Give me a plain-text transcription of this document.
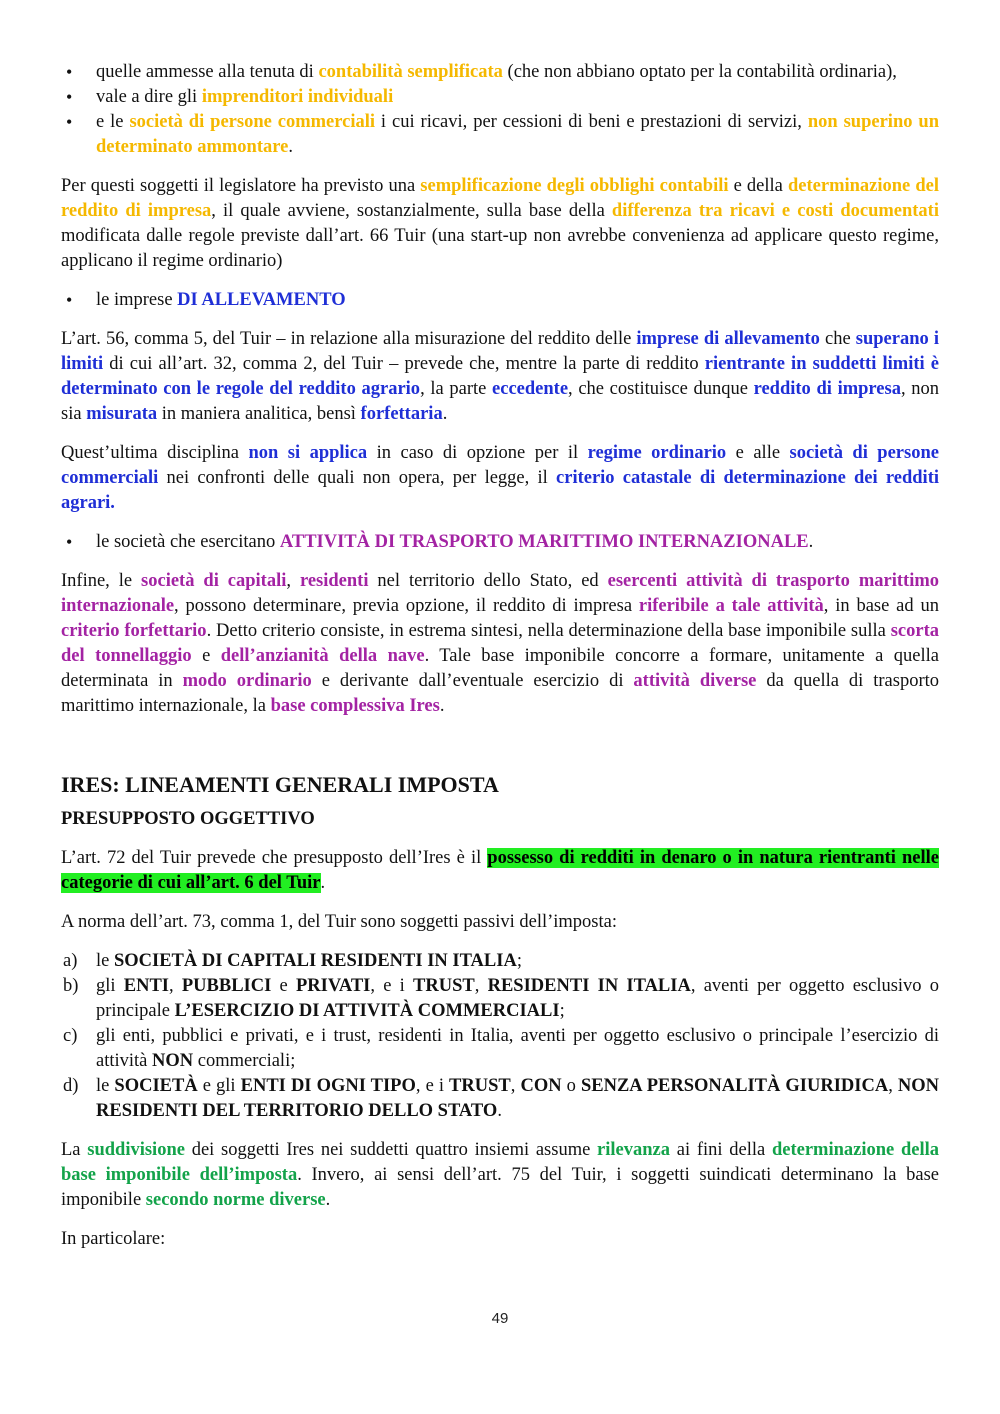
• quelle ammesse alla tenuta di contabilità semplificata (che non abbiano optato per la contabilità ordinaria),
• vale a dire gli imprenditori individuali
• e le società di persone commerciali i cui ricavi, per cessioni di beni e prestazioni di servizi, non superino un determinato ammontare.

Per questi soggetti il legislatore ha previsto una semplificazione degli obblighi contabili e della determinazione del reddito di impresa, il quale avviene, sostanzialmente, sulla base della differenza tra ricavi e costi documentati modificata dalle regole previste dall’art. 66 Tuir (una start-up non avrebbe convenienza ad applicare questo regime, applicano il regime ordinario)

• le imprese DI ALLEVAMENTO

L’art. 56, comma 5, del Tuir – in relazione alla misurazione del reddito delle imprese di allevamento che superano i limiti di cui all’art. 32, comma 2, del Tuir – prevede che, mentre la parte di reddito rientrante in suddetti limiti è determinato con le regole del reddito agrario, la parte eccedente, che costituisce dunque reddito di impresa, non sia misurata in maniera analitica, bensì forfettaria.

Quest’ultima disciplina non si applica in caso di opzione per il regime ordinario e alle società di persone commerciali nei confronti delle quali non opera, per legge, il criterio catastale di determinazione dei redditi agrari.

• le società che esercitano ATTIVITÀ DI TRASPORTO MARITTIMO INTERNAZIONALE.

Infine, le società di capitali, residenti nel territorio dello Stato, ed esercenti attività di trasporto marittimo internazionale, possono determinare, previa opzione, il reddito di impresa riferibile a tale attività, in base ad un criterio forfettario. Detto criterio consiste, in estrema sintesi, nella determinazione della base imponibile sulla scorta del tonnellaggio e dell’anzianità della nave. Tale base imponibile concorre a formare, unitamente a quella determinata in modo ordinario e derivante dall’eventuale esercizio di attività diverse da quella di trasporto marittimo internazionale, la base complessiva Ires.

IRES: LINEAMENTI GENERALI IMPOSTA
PRESUPPOSTO OGGETTIVO

L’art. 72 del Tuir prevede che presupposto dell’Ires è il possesso di redditi in denaro o in natura rientranti nelle categorie di cui all’art. 6 del Tuir.

A norma dell’art. 73, comma 1, del Tuir sono soggetti passivi dell’imposta:

a) le SOCIETÀ DI CAPITALI RESIDENTI IN ITALIA;
b) gli ENTI, PUBBLICI e PRIVATI, e i TRUST, RESIDENTI IN ITALIA, aventi per oggetto esclusivo o principale L’ESERCIZIO DI ATTIVITÀ COMMERCIALI;
c) gli enti, pubblici e privati, e i trust, residenti in Italia, aventi per oggetto esclusivo o principale l’esercizio di attività NON commerciali;
d) le SOCIETÀ e gli ENTI DI OGNI TIPO, e i TRUST, CON o SENZA PERSONALITÀ GIURIDICA, NON RESIDENTI DEL TERRITORIO DELLO STATO.

La suddivisione dei soggetti Ires nei suddetti quattro insiemi assume rilevanza ai fini della determinazione della base imponibile dell’imposta. Invero, ai sensi dell’art. 75 del Tuir, i soggetti suindicati determinano la base imponibile secondo norme diverse.

In particolare:

49
